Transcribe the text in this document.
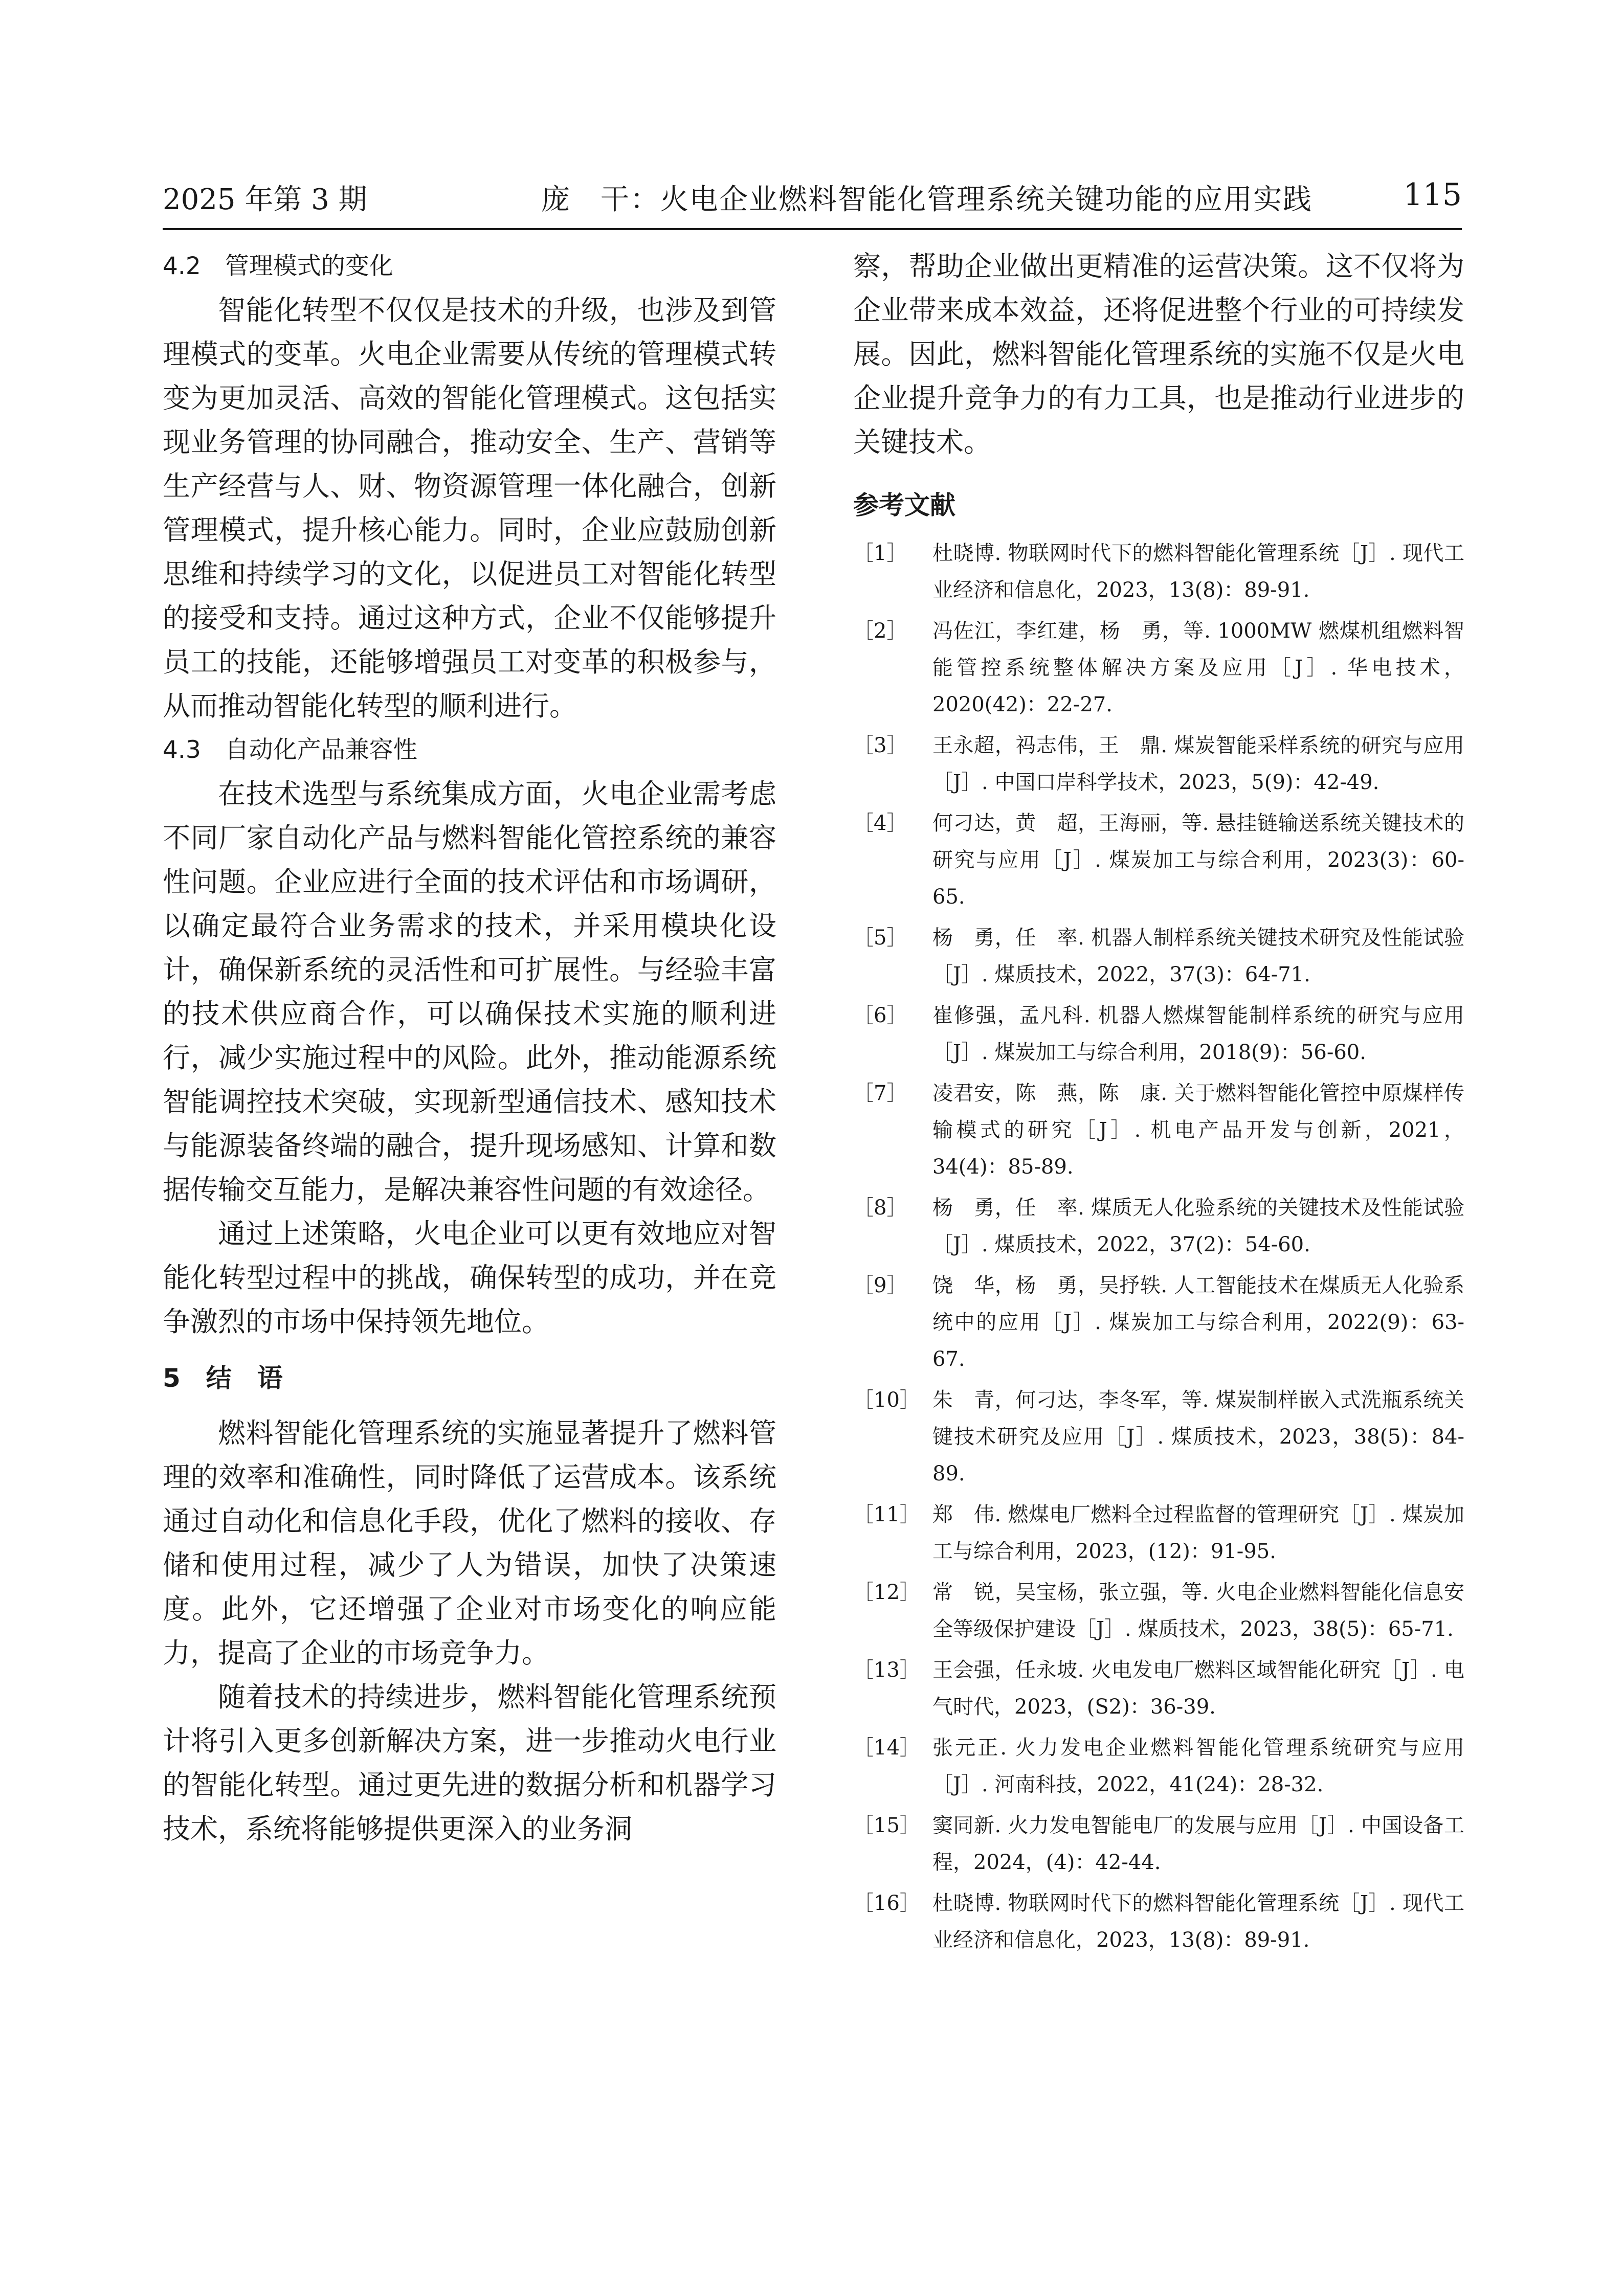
2025 年第 3 期	庞　干：火电企业燃料智能化管理系统关键功能的应用实践	115
4.2　管理模式的变化

智能化转型不仅仅是技术的升级，也涉及到管理模式的变革。火电企业需要从传统的管理模式转变为更加灵活、高效的智能化管理模式。这包括实现业务管理的协同融合，推动安全、生产、营销等生产经营与人、财、物资源管理一体化融合，创新管理模式，提升核心能力。同时，企业应鼓励创新思维和持续学习的文化，以促进员工对智能化转型的接受和支持。通过这种方式，企业不仅能够提升员工的技能，还能够增强员工对变革的积极参与，从而推动智能化转型的顺利进行。

4.3　自动化产品兼容性

在技术选型与系统集成方面，火电企业需考虑不同厂家自动化产品与燃料智能化管控系统的兼容性问题。企业应进行全面的技术评估和市场调研，以确定最符合业务需求的技术，并采用模块化设计，确保新系统的灵活性和可扩展性。与经验丰富的技术供应商合作，可以确保技术实施的顺利进行，减少实施过程中的风险。此外，推动能源系统智能调控技术突破，实现新型通信技术、感知技术与能源装备终端的融合，提升现场感知、计算和数据传输交互能力，是解决兼容性问题的有效途径。

通过上述策略，火电企业可以更有效地应对智能化转型过程中的挑战，确保转型的成功，并在竞争激烈的市场中保持领先地位。

5　结　语

燃料智能化管理系统的实施显著提升了燃料管理的效率和准确性，同时降低了运营成本。该系统通过自动化和信息化手段，优化了燃料的接收、存储和使用过程，减少了人为错误，加快了决策速度。此外，它还增强了企业对市场变化的响应能力，提高了企业的市场竞争力。

随着技术的持续进步，燃料智能化管理系统预计将引入更多创新解决方案，进一步推动火电行业的智能化转型。通过更先进的数据分析和机器学习技术，系统将能够提供更深入的业务洞

察，帮助企业做出更精准的运营决策。这不仅将为企业带来成本效益，还将促进整个行业的可持续发展。因此，燃料智能化管理系统的实施不仅是火电企业提升竞争力的有力工具，也是推动行业进步的关键技术。

参考文献
［1］	杜晓博. 物联网时代下的燃料智能化管理系统［J］. 现代工业经济和信息化，2023，13(8)：89-91.
［2］	冯佐江，李红建，杨　勇，等. 1000MW 燃煤机组燃料智能管控系统整体解决方案及应用［J］. 华电技术，2020(42)：22-27.
［3］	王永超，祃志伟，王　鼎. 煤炭智能采样系统的研究与应用［J］. 中国口岸科学技术，2023，5(9)：42-49.
［4］	何刁达，黄　超，王海丽，等. 悬挂链输送系统关键技术的研究与应用［J］. 煤炭加工与综合利用，2023(3)：60-65.
［5］	杨　勇，任　率. 机器人制样系统关键技术研究及性能试验［J］. 煤质技术，2022，37(3)：64-71.
［6］	崔修强，孟凡科. 机器人燃煤智能制样系统的研究与应用［J］. 煤炭加工与综合利用，2018(9)：56-60.
［7］	凌君安，陈　燕，陈　康. 关于燃料智能化管控中原煤样传输模式的研究［J］. 机电产品开发与创新，2021，34(4)：85-89.
［8］	杨　勇，任　率. 煤质无人化验系统的关键技术及性能试验［J］. 煤质技术，2022，37(2)：54-60.
［9］	饶　华，杨　勇，吴抒轶. 人工智能技术在煤质无人化验系统中的应用［J］. 煤炭加工与综合利用，2022(9)：63-67.
［10］ 朱　青，何刁达，李冬军，等. 煤炭制样嵌入式洗瓶系统关键技术研究及应用［J］. 煤质技术，2023，38(5)：84-89.
［11］ 郑　伟. 燃煤电厂燃料全过程监督的管理研究［J］. 煤炭加工与综合利用，2023，(12)：91-95.
［12］ 常　锐，吴宝杨，张立强，等. 火电企业燃料智能化信息安全等级保护建设［J］. 煤质技术，2023，38(5)：65-71.
［13］ 王会强，任永坡. 火电发电厂燃料区域智能化研究［J］. 电气时代，2023，(S2)：36-39.
［14］ 张元正. 火力发电企业燃料智能化管理系统研究与应用［J］. 河南科技，2022，41(24)：28-32.
［15］ 窦同新. 火力发电智能电厂的发展与应用［J］. 中国设备工程，2024，(4)：42-44.
［16］ 杜晓博. 物联网时代下的燃料智能化管理系统［J］. 现代工业经济和信息化，2023，13(8)：89-91.
